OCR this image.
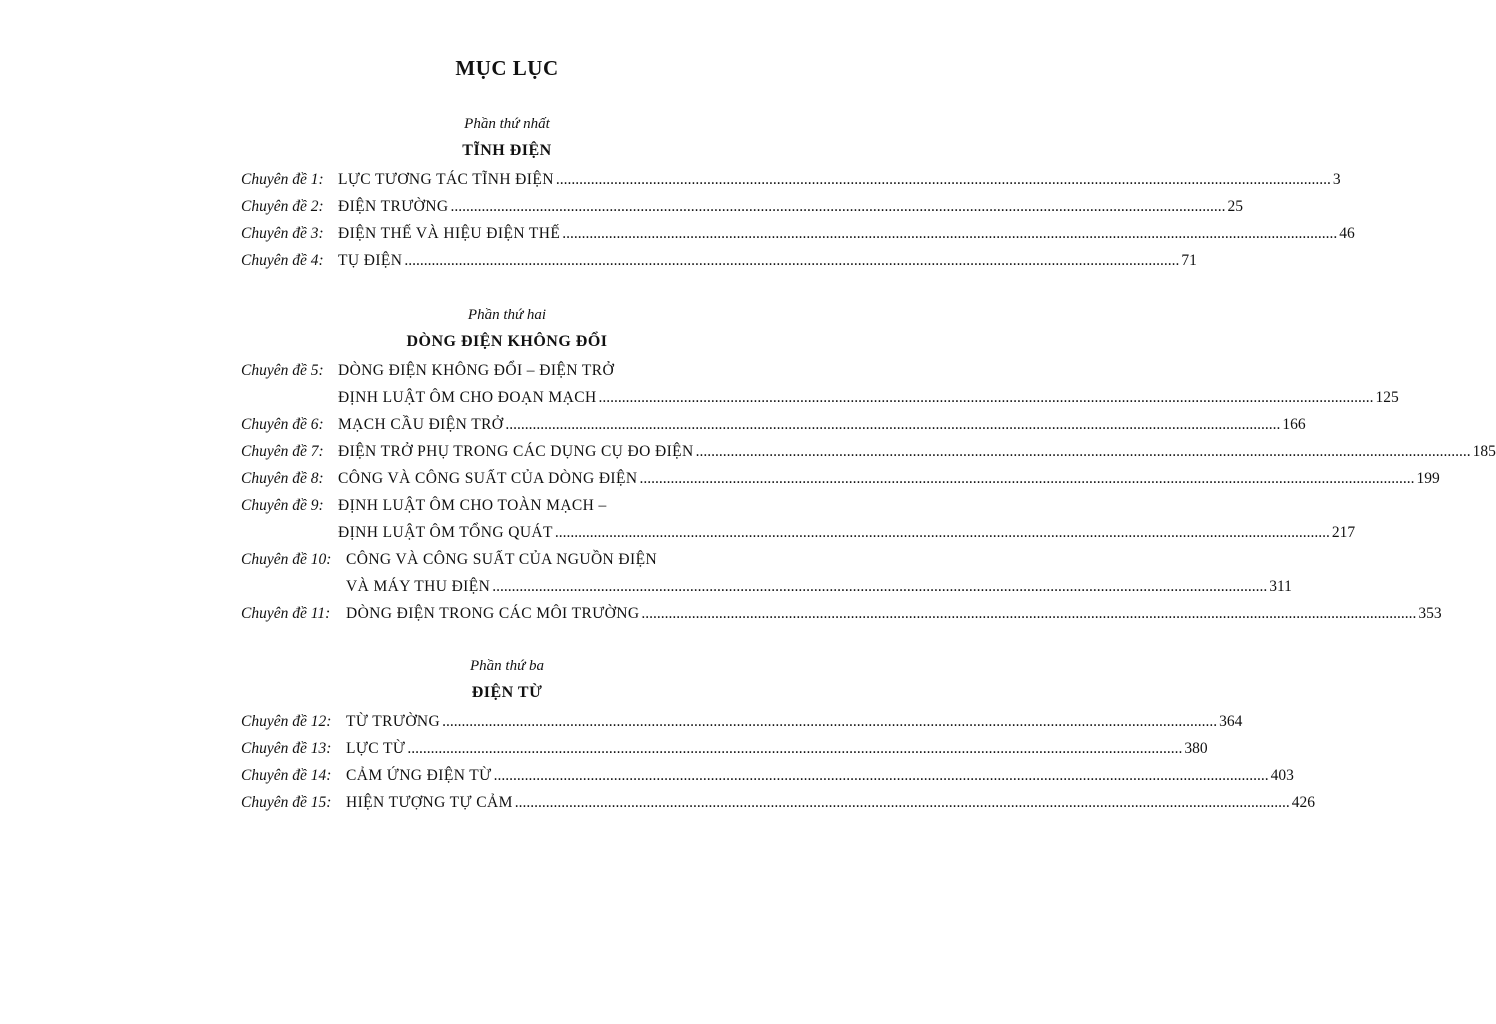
MỤC LỤC
Phần thứ nhất
TĨNH ĐIỆN
Chuyên đề 1: LỰC TƯƠNG TÁC TĨNH ĐIỆN ........................................................................................................................................................................................................ 3
Chuyên đề 2: ĐIỆN TRƯỜNG ........................................................................................................................................................................................................ 25
Chuyên đề 3: ĐIỆN THẾ VÀ HIỆU ĐIỆN THẾ ........................................................................................................................................................................................................ 46
Chuyên đề 4: TỤ ĐIỆN ........................................................................................................................................................................................................ 71
Phần thứ hai
DÒNG ĐIỆN KHÔNG ĐỔI
Chuyên đề 5: DÒNG ĐIỆN KHÔNG ĐỔI – ĐIỆN TRỞ
ĐỊNH LUẬT ÔM CHO ĐOẠN MẠCH ........................................................................................................................................................................................................ 125
Chuyên đề 6: MẠCH CẦU ĐIỆN TRỞ ........................................................................................................................................................................................................ 166
Chuyên đề 7: ĐIỆN TRỞ PHỤ TRONG CÁC DỤNG CỤ ĐO ĐIỆN ........................................................................................................................................................................................................ 185
Chuyên đề 8: CÔNG VÀ CÔNG SUẤT CỦA DÒNG ĐIỆN ........................................................................................................................................................................................................ 199
Chuyên đề 9: ĐỊNH LUẬT ÔM CHO TOÀN MẠCH –
ĐỊNH LUẬT ÔM TỔNG QUÁT ........................................................................................................................................................................................................ 217
Chuyên đề 10: CÔNG VÀ CÔNG SUẤT CỦA NGUỒN ĐIỆN
VÀ MÁY THU ĐIỆN ........................................................................................................................................................................................................ 311
Chuyên đề 11: DÒNG ĐIỆN TRONG CÁC MÔI TRƯỜNG ........................................................................................................................................................................................................ 353
Phần thứ ba
ĐIỆN TỪ
Chuyên đề 12: TỪ TRƯỜNG ........................................................................................................................................................................................................ 364
Chuyên đề 13: LỰC TỪ ........................................................................................................................................................................................................ 380
Chuyên đề 14: CẢM ỨNG ĐIỆN TỪ ........................................................................................................................................................................................................ 403
Chuyên đề 15: HIỆN TƯỢNG TỰ CẢM ........................................................................................................................................................................................................ 426
